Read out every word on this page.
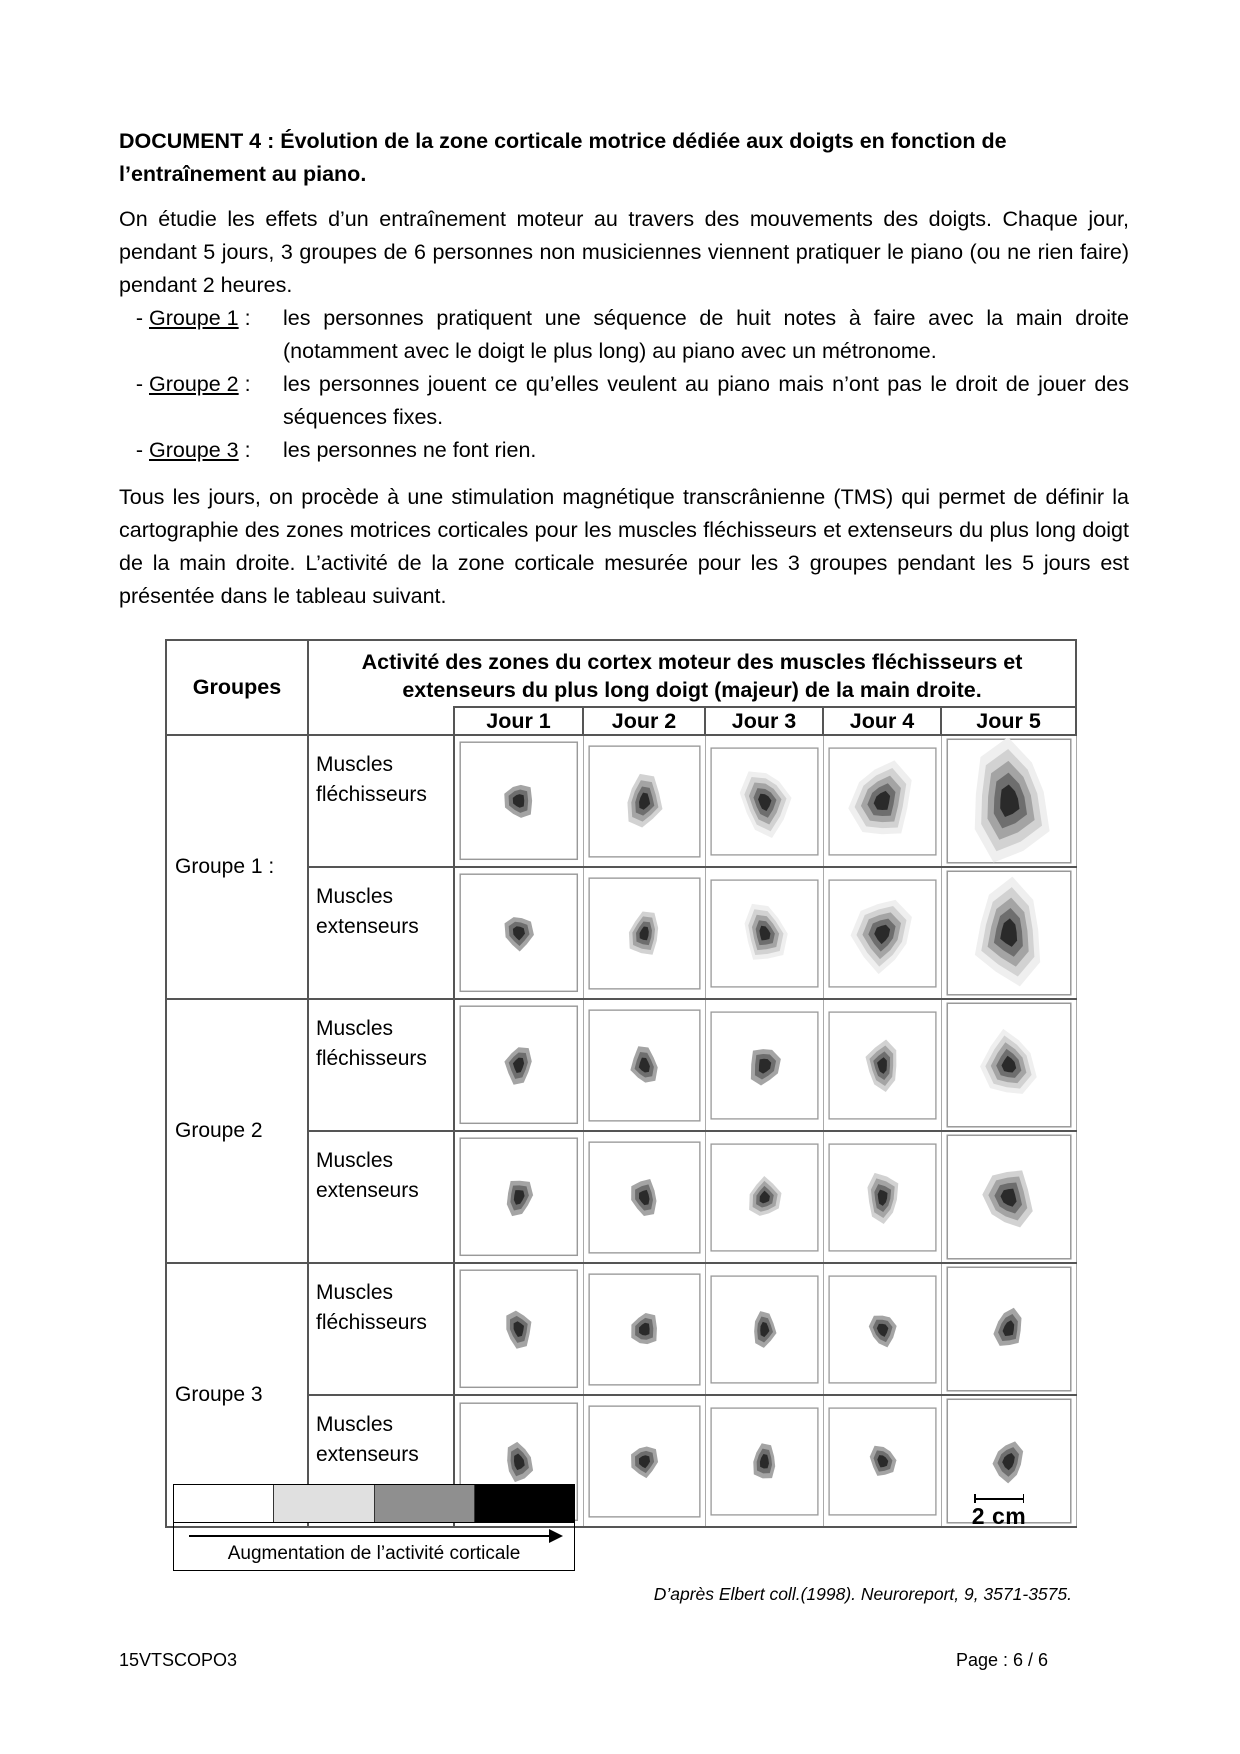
DOCUMENT 4 : Évolution de la zone corticale motrice dédiée aux doigts en fonction de l’entraînement au piano.
On étudie les effets d’un entraînement moteur au travers des mouvements des doigts. Chaque jour, pendant 5 jours, 3 groupes de 6 personnes non musiciennes viennent pratiquer le piano (ou ne rien faire) pendant 2 heures.
- Groupe 1 :	les personnes pratiquent une séquence de huit notes à faire avec la main droite (notamment avec le doigt le plus long) au piano avec un métronome.
- Groupe 2 :	les personnes jouent ce qu’elles veulent au piano mais n’ont pas le droit de jouer des séquences fixes.
- Groupe 3 :	les personnes ne font rien.
Tous les jours, on procède à une stimulation magnétique transcrânienne (TMS) qui permet de définir la cartographie des zones motrices corticales pour les muscles fléchisseurs et extenseurs du plus long doigt de la main droite. L’activité de la zone corticale mesurée pour les 3 groupes pendant les 5 jours est présentée dans le tableau suivant.
Groupes	Activité des zones du cortex moteur des muscles fléchisseurs et extenseurs du plus long doigt (majeur) de la main droite.					
		Jour 1	Jour 2	Jour 3	Jour 4	Jour 5
Groupe 1 :	Muscles
fléchisseurs	

	Muscles
extenseurs	

Groupe 2	Muscles
fléchisseurs	

	Muscles
extenseurs	

Groupe 3	Muscles
fléchisseurs	

	Muscles
extenseurs	

Augmentation de l’activité corticale
2 cm
D’après Elbert coll.(1998). Neuroreport, 9, 3571-3575.
15VTSCOPO3	Page : 6 / 6
